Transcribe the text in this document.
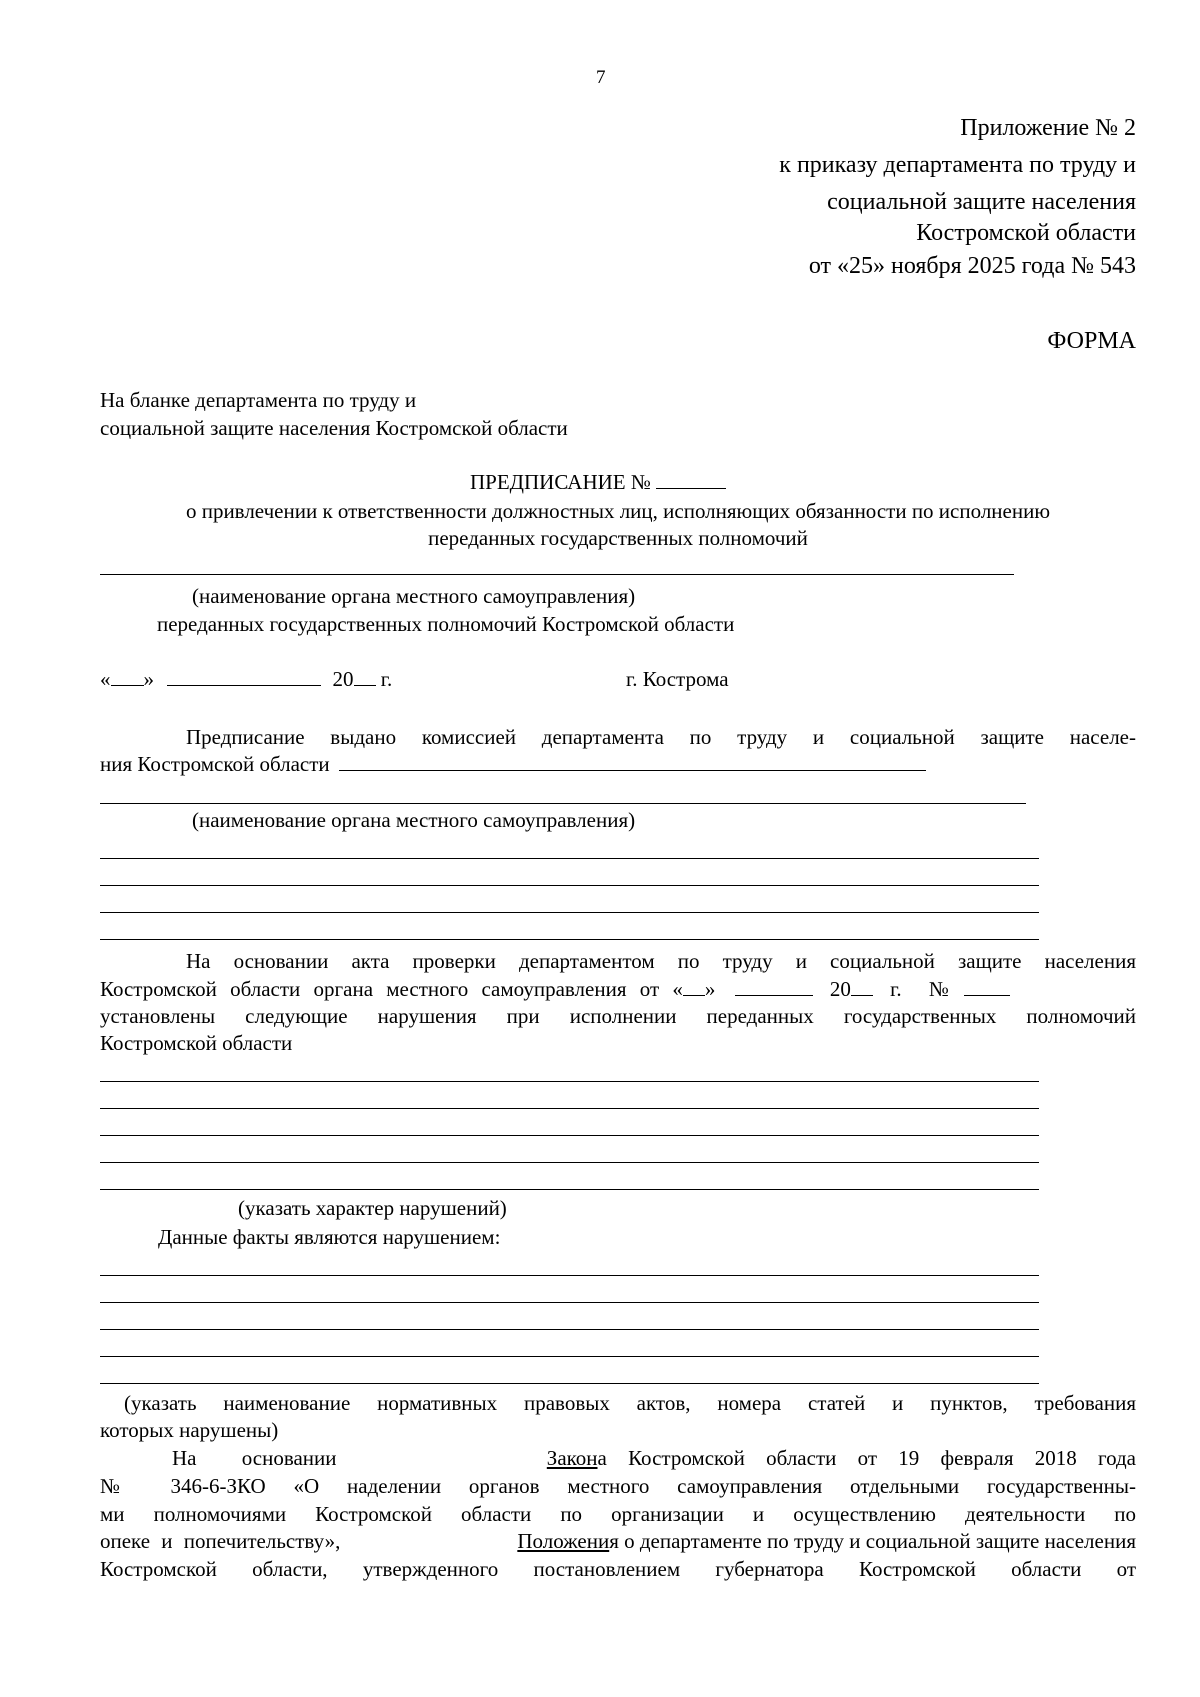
7
Приложение № 2
к приказу департамента по труду и
социальной защите населения
Костромской области
от «25» ноября 2025 года № 543
ФОРМА
На бланке департамента по труду и
социальной защите населения Костромской области
ПРЕДПИСАНИЕ №
о привлечении к ответственности должностных лиц, исполняющих обязанности по исполнению
переданных государственных полномочий
(наименование органа местного самоуправления)
переданных государственных полномочий Костромской области
« »	20 г.	г. Кострома
Предписание выдано комиссией департамента по труду и социальной защите населе-
ния Костромской области
(наименование органа местного самоуправления)
На основании акта проверки департаментом по труду и социальной защите населения
Костромской области органа местного самоуправления от « »	20 г. №
установлены следующие нарушения при исполнении переданных государственных полномочий
Костромской области
(указать характер нарушений)
Данные факты являются нарушением:
(указать наименование нормативных правовых актов, номера статей и пунктов, требования
которых нарушены)
На основании	Закона Костромской области от 19 февраля 2018 года
№ 346-6-ЗКО «О наделении органов местного самоуправления отдельными государственны-
ми полномочиями Костромской области по организации и осуществлению деятельности по
опеке и попечительству»,	Положения о департаменте по труду и социальной защите населения
Костромской области, утвержденного постановлением губернатора Костромской области от
